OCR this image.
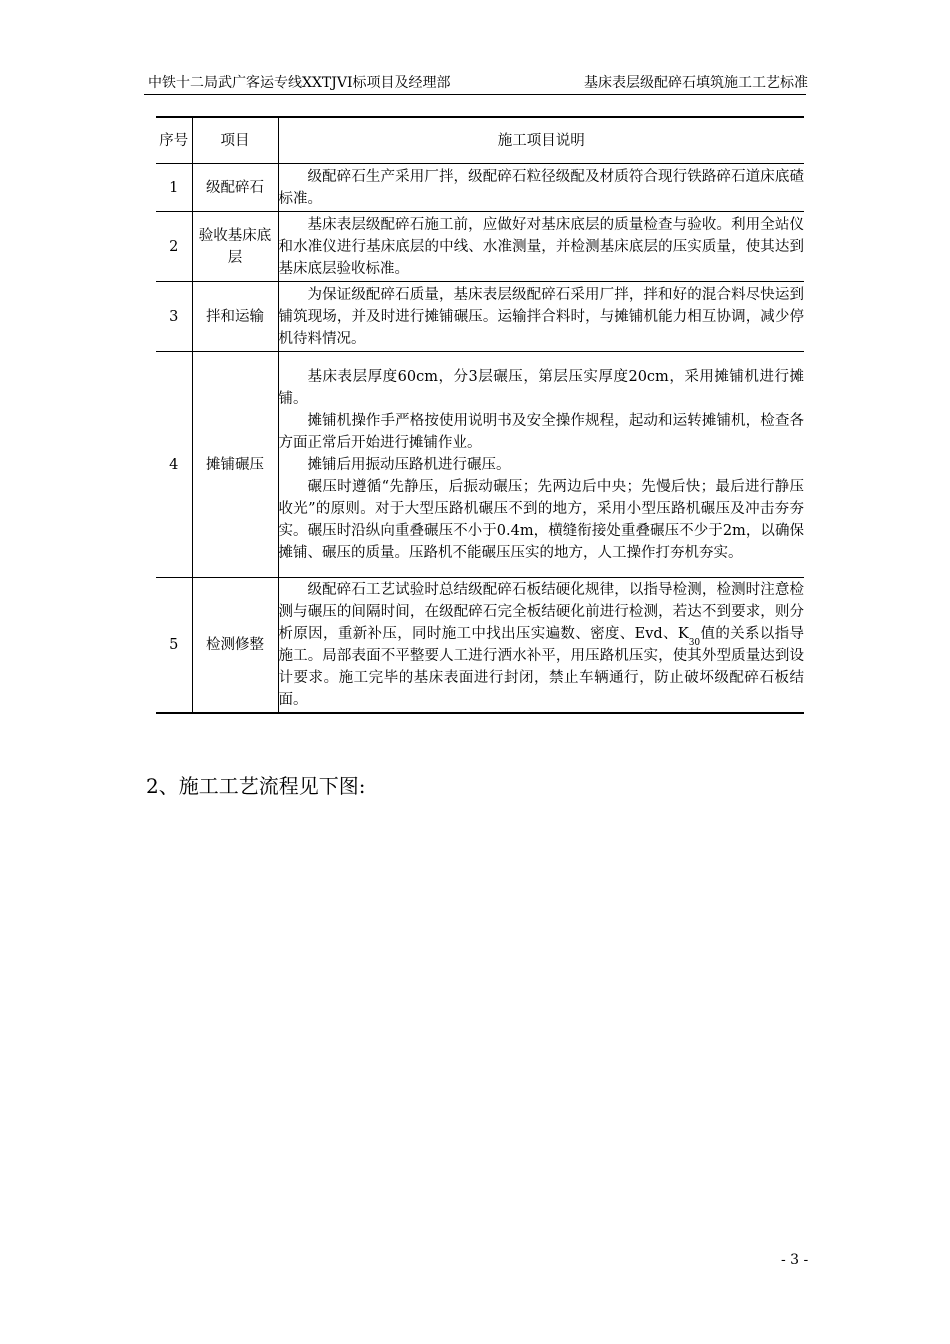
中铁十二局武广客运专线XXTJVI标项目及经理部	基床表层级配碎石填筑施工工艺标准
序号	项目	施工项目说明
1	级配碎石	级配碎石生产采用厂拌，级配碎石粒径级配及材质符合现行铁路碎石道床底碴标准。

2	验收基床底层	基床表层级配碎石施工前，应做好对基床底层的质量检查与验收。利用全站仪和水准仪进行基床底层的中线、水准测量，并检测基床底层的压实质量，使其达到基床底层验收标准。

3	拌和运输	为保证级配碎石质量，基床表层级配碎石采用厂拌，拌和好的混合料尽快运到铺筑现场，并及时进行摊铺碾压。运输拌合料时，与摊铺机能力相互协调，减少停机待料情况。

4	摊铺碾压	基床表层厚度60cm，分3层碾压，第层压实厚度20cm，采用摊铺机进行摊铺。

摊铺机操作手严格按使用说明书及安全操作规程，起动和运转摊铺机，检查各方面正常后开始进行摊铺作业。

摊铺后用振动压路机进行碾压。

碾压时遵循“先静压，后振动碾压；先两边后中央；先慢后快；最后进行静压收光”的原则。对于大型压路机碾压不到的地方，采用小型压路机碾压及冲击夯夯实。碾压时沿纵向重叠碾压不小于0.4m，横缝衔接处重叠碾压不少于2m，以确保摊铺、碾压的质量。压路机不能碾压压实的地方，人工操作打夯机夯实。

5	检测修整	级配碎石工艺试验时总结级配碎石板结硬化规律，以指导检测，检测时注意检测与碾压的间隔时间，在级配碎石完全板结硬化前进行检测，若达不到要求，则分析原因，重新补压，同时施工中找出压实遍数、密度、Evd、$K_{30}$值的关系以指导施工。局部表面不平整要人工进行洒水补平，用压路机压实，使其外型质量达到设计要求。施工完毕的基床表面进行封闭，禁止车辆通行，防止破坏级配碎石板结面。

2、施工工艺流程见下图:
- 3 -
